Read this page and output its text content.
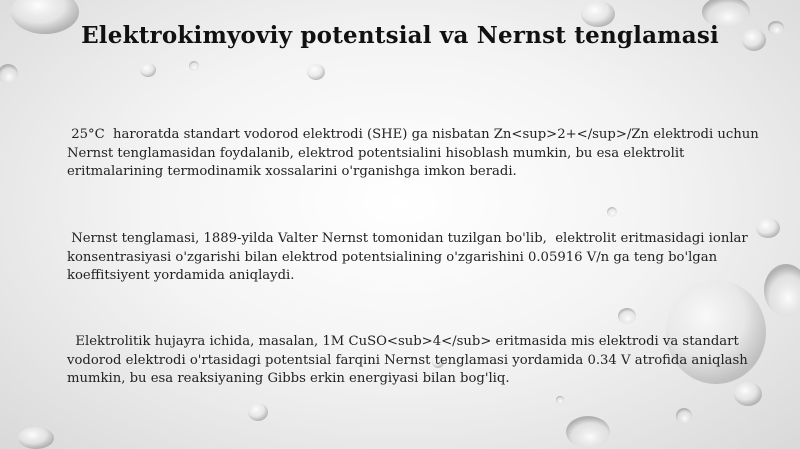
Elektrokimyoviy potentsial va Nernst tenglamasi
25°C  haroratda standart vodorod elektrodi (SHE) ga nisbatan Zn<sup>2+</sup>/Zn elektrodi uchun Nernst tenglamasidan foydalanib, elektrod potentsialini hisoblash mumkin, bu esa elektrolit eritmalarining termodinamik xossalarini o'rganishga imkon beradi.
Nernst tenglamasi, 1889-yilda Valter Nernst tomonidan tuzilgan bo'lib,  elektrolit eritmasidagi ionlar konsentrasiyasi o'zgarishi bilan elektrod potentsialining o'zgarishini 0.05916 V/n ga teng bo'lgan koeffitsiyent yordamida aniqlaydi.
Elektrolitik hujayra ichida, masalan, 1M CuSO<sub>4</sub> eritmasida mis elektrodi va standart vodorod elektrodi o'rtasidagi potentsial farqini Nernst tenglamasi yordamida 0.34 V atrofida aniqlash mumkin, bu esa reaksiyaning Gibbs erkin energiyasi bilan bog'liq.
